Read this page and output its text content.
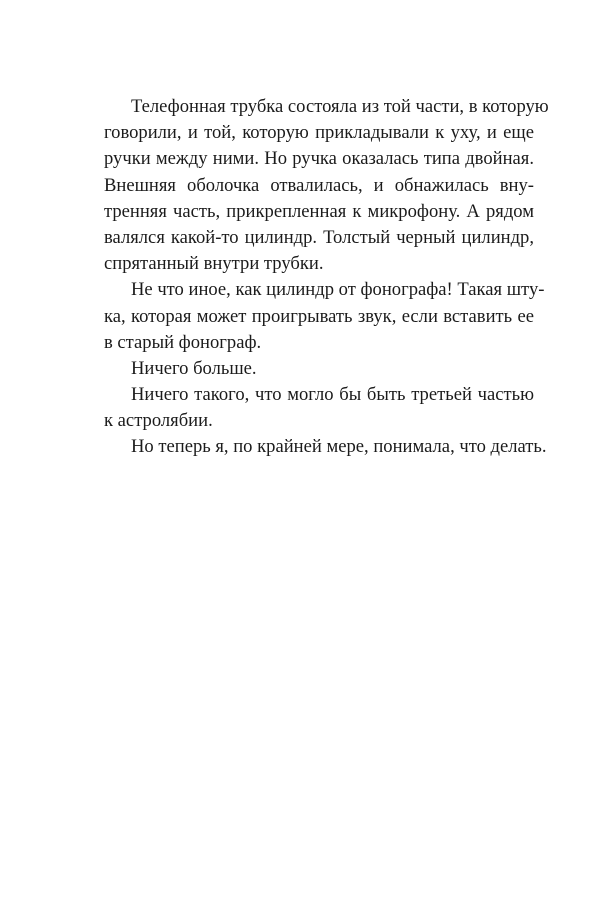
Телефонная трубка состояла из той части, в которую
говорили, и той, которую прикладывали к уху, и еще
ручки между ними. Но ручка оказалась типа двойная.
Внешняя оболочка отвалилась, и обнажилась вну-
тренняя часть, прикрепленная к микрофону. А рядом
валялся какой-то цилиндр. Толстый черный цилиндр,
спрятанный внутри трубки.
Не что иное, как цилиндр от фонографа! Такая шту-
ка, которая может проигрывать звук, если вставить ее
в старый фонограф.
Ничего больше.
Ничего такого, что могло бы быть третьей частью
к астролябии.
Но теперь я, по крайней мере, понимала, что делать.
